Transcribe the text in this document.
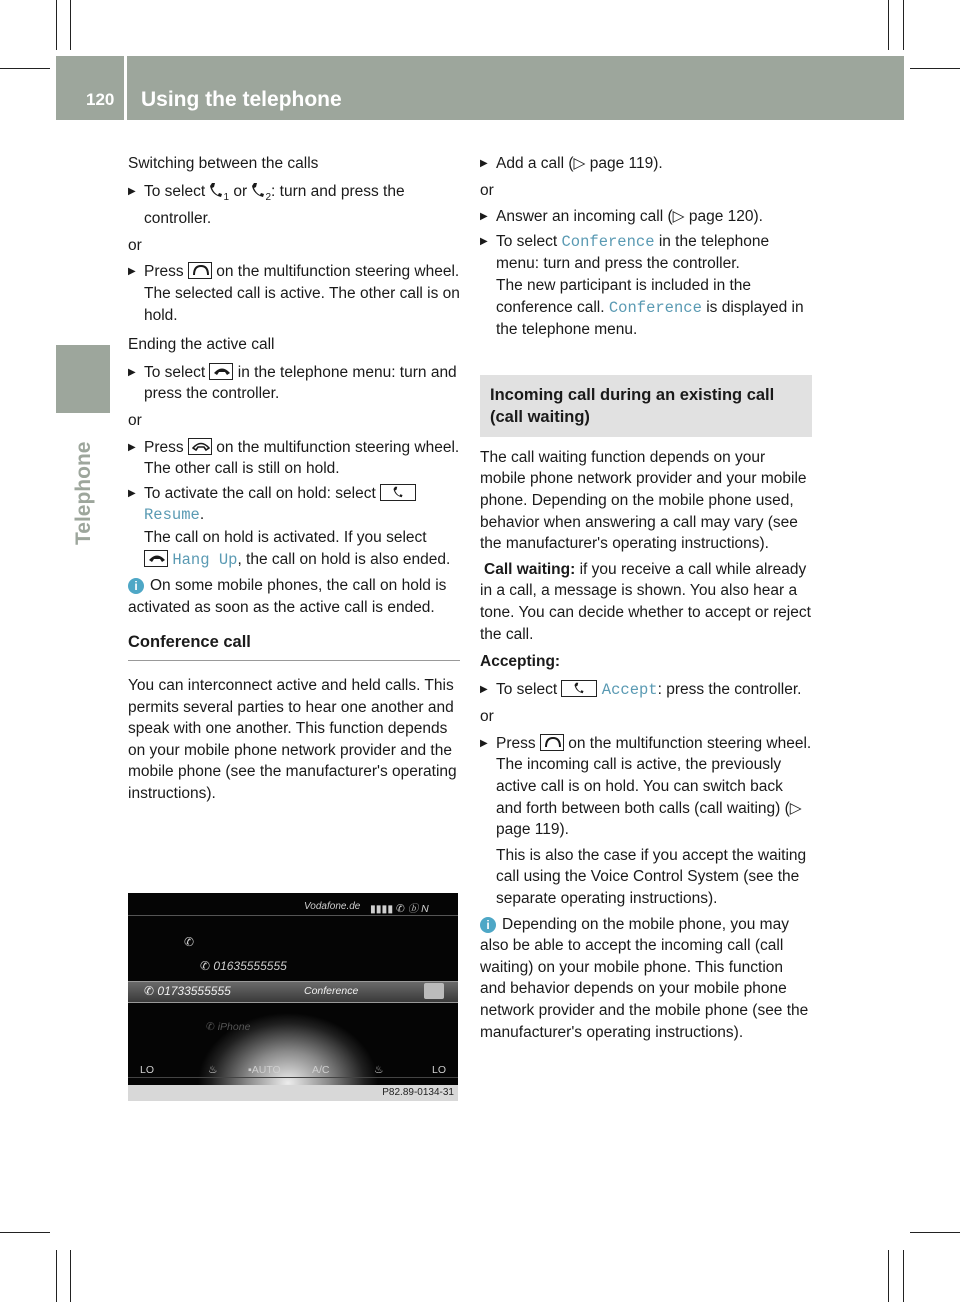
120 Using the telephone
Telephone

Switching between the calls

▶ To select $_1$ or $_2$: turn and press the controller.

or

▶ Press on the multifunction steering wheel.
The selected call is active. The other call is on hold.

Ending the active call

▶ To select in the telephone menu: turn and press the controller.

or

▶ Press on the multifunction steering wheel.
The other call is still on hold.

▶ To activate the call on hold: select

Resume.
The call on hold is activated. If you select

Hang Up, the call on hold is also ended.

i On some mobile phones, the call on hold is activated as soon as the active call is ended.

Conference call

You can interconnect active and held calls. This permits several parties to hear one another and speak with one another. This function depends on your mobile phone network provider and the mobile phone (see the manufacturer's operating instructions).

Vodafone.de ▮▮▮▮ ✆ ⓑ N
✆
✆ 01635555555
✆ 01733555555	Conference
✆ iPhone
LO	♨	▪AUTO	A/C	♨	LO
P82.89-0134-31

▶ Add a call (▷ page 119).

or

▶ Answer an incoming call (▷ page 120).

▶ To select Conference in the telephone menu: turn and press the controller.
The new participant is included in the conference call. Conference is displayed in the telephone menu.

Incoming call during an existing call (call waiting)

The call waiting function depends on your mobile phone network provider and your mobile phone. Depending on the mobile phone used, behavior when answering a call may vary (see the manufacturer's operating instructions).

Call waiting: if you receive a call while already in a call, a message is shown. You also hear a tone. You can decide whether to accept or reject the call.

Accepting:

▶ To select	Accept: press the controller.

or

▶ Press on the multifunction steering wheel.
The incoming call is active, the previously active call is on hold. You can switch back and forth between both calls (call waiting) (▷ page 119).
This is also the case if you accept the waiting call using the Voice Control System (see the separate operating instructions).

i Depending on the mobile phone, you may also be able to accept the incoming call (call waiting) on your mobile phone. This function and behavior depends on your mobile phone network provider and the mobile phone (see the manufacturer's operating instructions).
